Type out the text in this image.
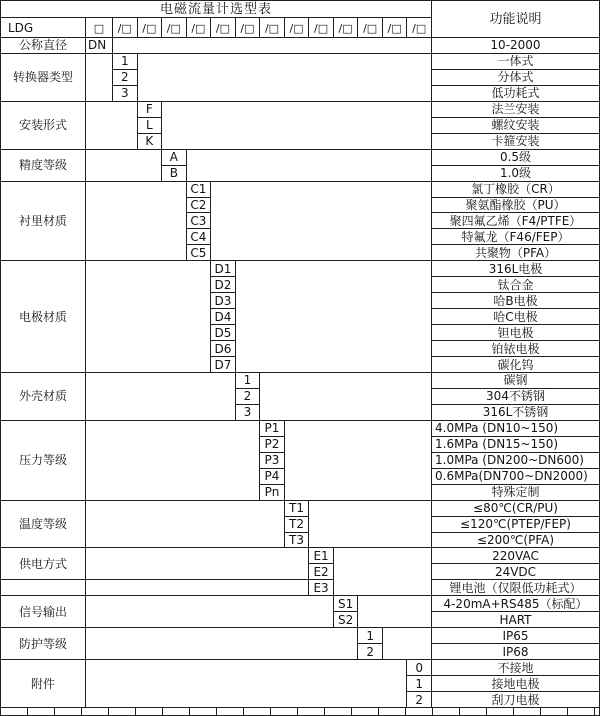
电磁流量计选型表
功能说明
LDG	□	/□ /□ /□ /□ /□ /□ /□ /□ /□ /□ /□ /□ /□
公称直径	DN	10-2000
转换器类型
1	一体式
2	分体式
3	低功耗式
安装形式
F	法兰安装
L	螺纹安装
K	卡箍安装
精度等级
A	0.5级
B	1.0级
衬里材质
C1	氯丁橡胶（CR）
C2	聚氨酯橡胶（PU）
C3	聚四氟乙烯（F4/PTFE）
C4	特氟龙（F46/FEP）
C5	共聚物（PFA）
电极材质
D1	316L电极
D2	钛合金
D3	哈B电极
D4	哈C电极
D5	钽电极
D6	铂铱电极
D7	碳化钨
外壳材质
1	碳钢
2	304不锈钢
3	316L不锈钢
压力等级
P1	4.0MPa (DN10~150)
P2	1.6MPa (DN15~150)
P3	1.0MPa (DN200~DN600)
P4	0.6MPa(DN700~DN2000)
Pn	特殊定制
温度等级
T1	≤80℃(CR/PU)
T2	≤120℃(PTEP/FEP)
T3	≤200℃(PFA)
供电方式
E1	220VAC
E2	24VDC
E3	锂电池（仅限低功耗式）
信号输出
S1	4-20mA+RS485（标配）
S2	HART
防护等级
1	IP65
2	IP68
附件
0	不接地
1	接地电极
2	刮刀电极
